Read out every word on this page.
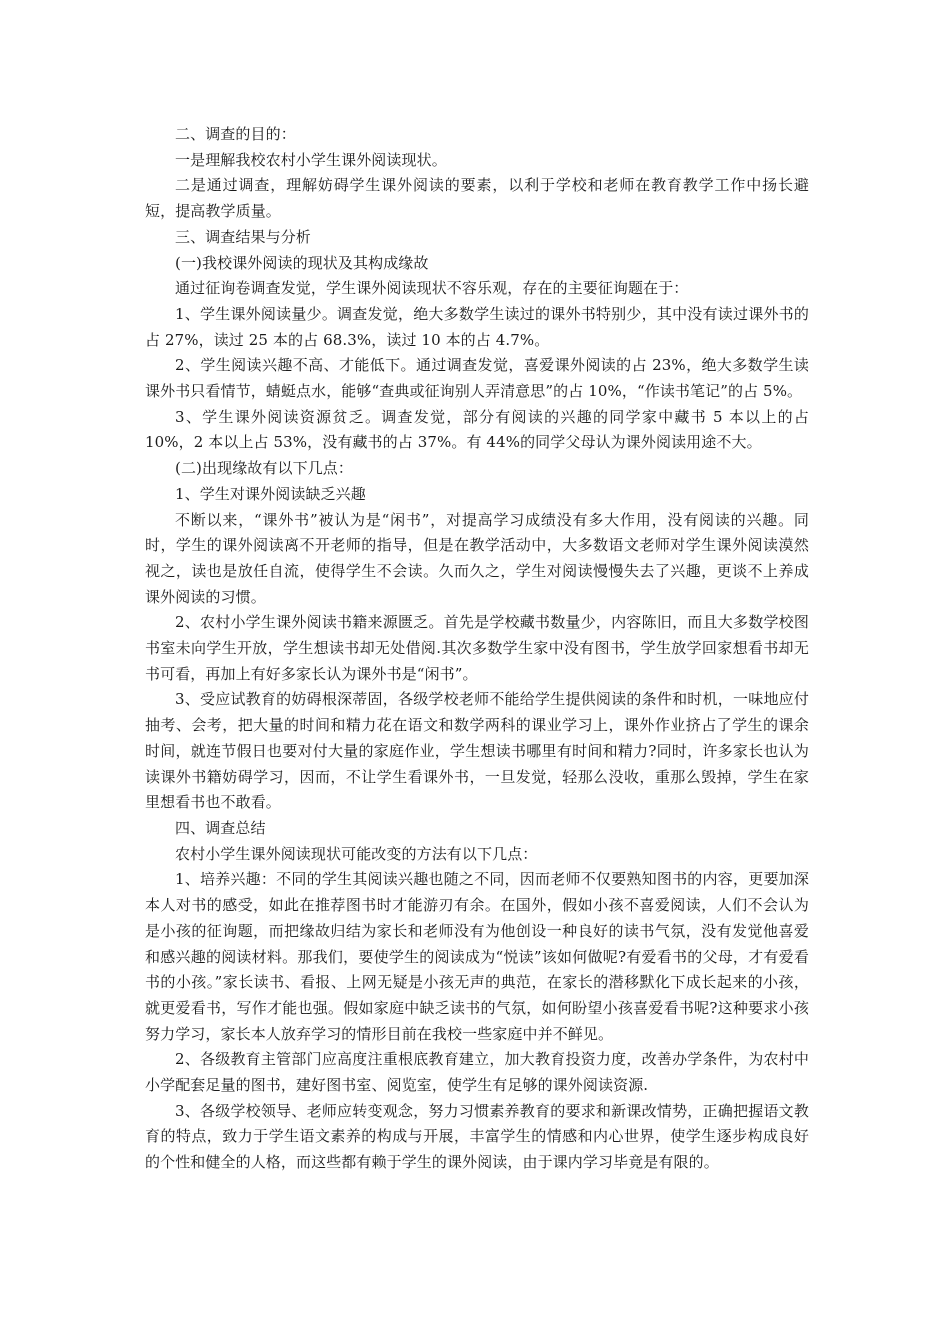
二、调查的目的：

一是理解我校农村小学生课外阅读现状。

二是通过调查，理解妨碍学生课外阅读的要素，以利于学校和老师在教育教学工作中扬长避短，提高教学质量。

三、调查结果与分析

(一)我校课外阅读的现状及其构成缘故

通过征询卷调查发觉，学生课外阅读现状不容乐观，存在的主要征询题在于：

1、学生课外阅读量少。调查发觉，绝大多数学生读过的课外书特别少，其中没有读过课外书的占 27%，读过 25 本的占 68.3%，读过 10 本的占 4.7%。

2、学生阅读兴趣不高、才能低下。通过调查发觉，喜爱课外阅读的占 23%，绝大多数学生读课外书只看情节，蜻蜓点水，能够“查典或征询别人弄清意思”的占 10%，“作读书笔记”的占 5%。

3、学生课外阅读资源贫乏。调查发觉，部分有阅读的兴趣的同学家中藏书 5 本以上的占 10%，2 本以上占 53%，没有藏书的占 37%。有 44%的同学父母认为课外阅读用途不大。

(二)出现缘故有以下几点：

1、学生对课外阅读缺乏兴趣

不断以来，“课外书”被认为是“闲书”，对提高学习成绩没有多大作用，没有阅读的兴趣。同时，学生的课外阅读离不开老师的指导，但是在教学活动中，大多数语文老师对学生课外阅读漠然视之，读也是放任自流，使得学生不会读。久而久之，学生对阅读慢慢失去了兴趣，更谈不上养成课外阅读的习惯。

2、农村小学生课外阅读书籍来源匮乏。首先是学校藏书数量少，内容陈旧，而且大多数学校图书室未向学生开放，学生想读书却无处借阅.其次多数学生家中没有图书，学生放学回家想看书却无书可看，再加上有好多家长认为课外书是“闲书”。

3、受应试教育的妨碍根深蒂固，各级学校老师不能给学生提供阅读的条件和时机，一味地应付抽考、会考，把大量的时间和精力花在语文和数学两科的课业学习上，课外作业挤占了学生的课余时间，就连节假日也要对付大量的家庭作业，学生想读书哪里有时间和精力?同时，许多家长也认为读课外书籍妨碍学习，因而，不让学生看课外书，一旦发觉，轻那么没收，重那么毁掉，学生在家里想看书也不敢看。

四、调查总结

农村小学生课外阅读现状可能改变的方法有以下几点：

1、培养兴趣：不同的学生其阅读兴趣也随之不同，因而老师不仅要熟知图书的内容，更要加深本人对书的感受，如此在推荐图书时才能游刃有余。在国外，假如小孩不喜爱阅读，人们不会认为是小孩的征询题，而把缘故归结为家长和老师没有为他创设一种良好的读书气氛，没有发觉他喜爱和感兴趣的阅读材料。那我们，要使学生的阅读成为“悦读”该如何做呢?有爱看书的父母，才有爱看书的小孩。”家长读书、看报、上网无疑是小孩无声的典范，在家长的潜移默化下成长起来的小孩，就更爱看书，写作才能也强。假如家庭中缺乏读书的气氛，如何盼望小孩喜爱看书呢?这种要求小孩努力学习，家长本人放弃学习的情形目前在我校一些家庭中并不鲜见。

2、各级教育主管部门应高度注重根底教育建立，加大教育投资力度，改善办学条件，为农村中小学配套足量的图书，建好图书室、阅览室，使学生有足够的课外阅读资源.

3、各级学校领导、老师应转变观念，努力习惯素养教育的要求和新课改情势，正确把握语文教育的特点，致力于学生语文素养的构成与开展，丰富学生的情感和内心世界，使学生逐步构成良好的个性和健全的人格，而这些都有赖于学生的课外阅读，由于课内学习毕竟是有限的。
